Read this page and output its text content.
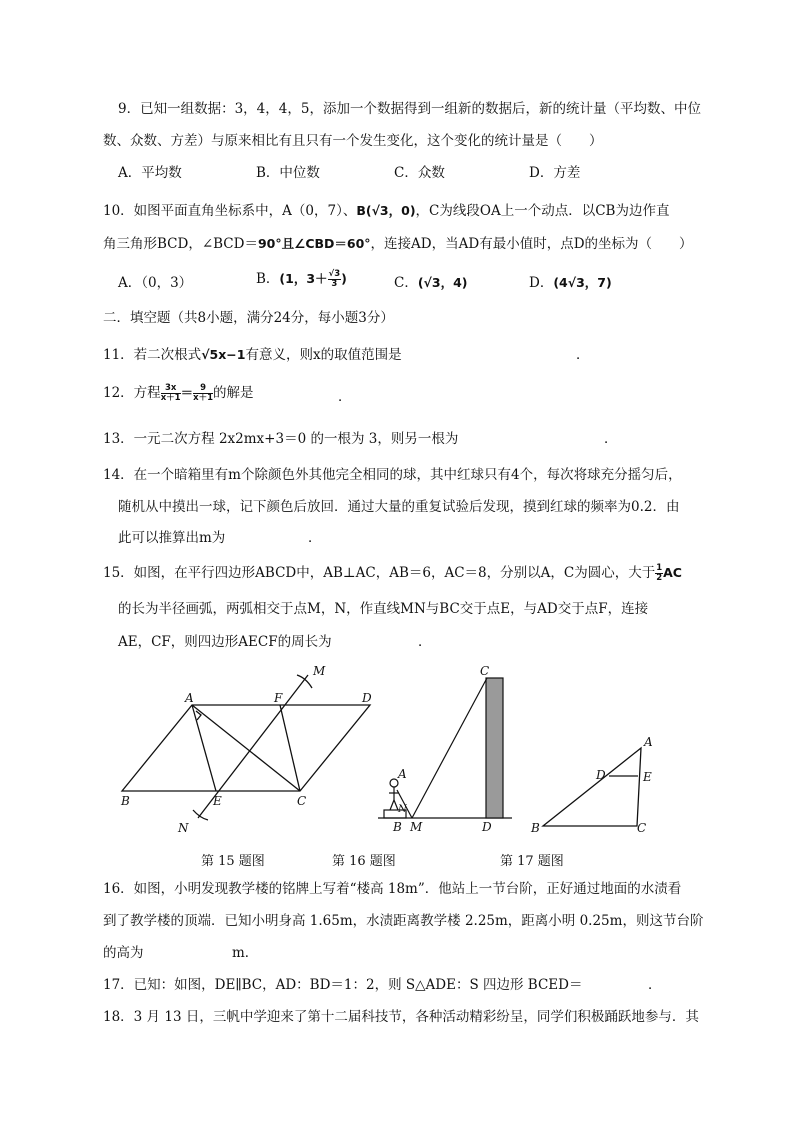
9．已知一组数据：3，4，4，5，添加一个数据得到一组新的数据后，新的统计量（平均数、中位
数、众数、方差）与原来相比有且只有一个发生变化，这个变化的统计量是（　　）
A．平均数	B．中位数	C．众数	D．方差
10．如图平面直角坐标系中，A（0，7）、B(√3，0)，C为线段OA上一个动点．以CB为边作直
角三角形BCD，∠BCD＝90°且∠CBD＝60°，连接AD，当AD有最小值时，点D的坐标为（　　）
A．（0，3）	B．(1，$3+ \frac{√3}{3}$ )	C．(√3，4)	D．(4√3，7)
二．填空题（共8小题，满分24分，每小题3分）
11．若二次根式√5x−1有意义，则x的取值范围是	．
12．方程 $\frac{3x}{x+1} = \frac{9}{x+1}$ 的解是	．
13．一元二次方程 2x2mx+3＝0 的一根为 3，则另一根为	．
14．在一个暗箱里有m个除颜色外其他完全相同的球，其中红球只有4个，每次将球充分摇匀后，
随机从中摸出一球，记下颜色后放回．通过大量的重复试验后发现，摸到红球的频率为0.2．由
此可以推算出m为	．
15．如图，在平行四边形ABCD中，AB⊥AC，AB＝6，AC＝8，分别以A，C为圆心，大于 $\frac{1}{2}$ AC
的长为半径画弧，两弧相交于点M，N，作直线MN与BC交于点E，与AD交于点F，连接
AE，CF，则四边形AECF的周长为	．
A	F	D
M
B	E	C
N
C
A
N
B M	D
A
D	E
B	C
第 15 题图	第 16 题图	第 17 题图
16．如图，小明发现教学楼的铭牌上写着“楼高 18m”．他站上一节台阶，正好通过地面的水渍看
到了教学楼的顶端．已知小明身高 1.65m，水渍距离教学楼 2.25m，距离小明 0.25m，则这节台阶
的高为	m．
17．已知：如图，DE∥BC，AD：BD＝1：2，则 S△ADE：S 四边形 BCED＝	．
18．3 月 13 日，三帆中学迎来了第十二届科技节，各种活动精彩纷呈，同学们积极踊跃地参与．其
